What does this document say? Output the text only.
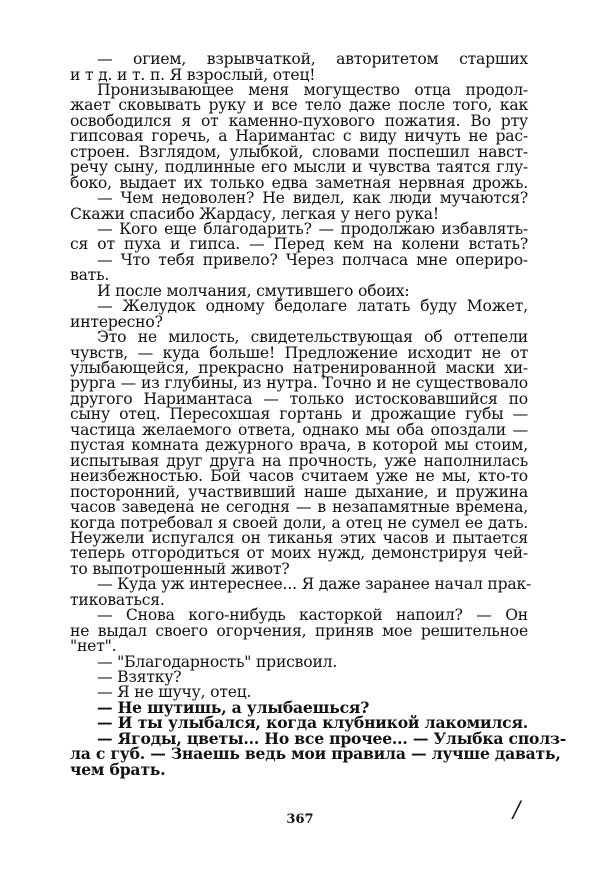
— огием, взрывчаткой, авторитетом старших
и т д. и т. п. Я взрослый, отец!
Пронизывающее меня могущество отца продол-
жает сковывать руку и все тело даже после того, как
освободился я от каменно-пухового пожатия. Во рту
гипсовая горечь, а Наримантас с виду ничуть не рас-
строен. Взглядом, улыбкой, словами поспешил навст-
речу сыну, подлинные его мысли и чувства таятся глу-
боко, выдает их только едва заметная нервная дрожь.
— Чем недоволен? Не видел, как люди мучаются?
Скажи спасибо Жардасу, легкая у него рука!
— Кого еще благодарить? — продолжаю избавлять-
ся от пуха и гипса. — Перед кем на колени встать?
— Что тебя привело? Через полчаса мне опериро-
вать.
И после молчания, смутившего обоих:
— Желудок одному бедолаге латать буду Может,
интересно?
Это не милость, свидетельствующая об оттепели
чувств, — куда больше! Предложение исходит не от
улыбающейся, прекрасно натренированной маски хи-
рурга — из глубины, из нутра. Точно и не существовало
другого Наримантаса — только истосковавшийся по
сыну отец. Пересохшая гортань и дрожащие губы —
частица желаемого ответа, однако мы оба опоздали —
пустая комната дежурного врача, в которой мы стоим,
испытывая друг друга на прочность, уже наполнилась
неизбежностью. Бой часов считаем уже не мы, кто-то
посторонний, участвивший наше дыхание, и пружина
часов заведена не сегодня — в незапамятные времена,
когда потребовал я своей доли, а отец не сумел ее дать.
Неужели испугался он тиканья этих часов и пытается
теперь отгородиться от моих нужд, демонстрируя чей-
то выпотрошенный живот?
— Куда уж интереснее... Я даже заранее начал прак-
тиковаться.
— Снова кого-нибудь касторкой напоил? — Он
не выдал своего огорчения, приняв мое решительное
"нет".
— "Благодарность" присвоил.
— Взятку?
— Я не шучу, отец.
— Не шутишь, а улыбаешься?
— И ты улыбался, когда клубникой лакомился.
— Ягоды, цветы... Но все прочее... — Улыбка сполз-
ла с губ. — Знаешь ведь мои правила — лучше давать,
чем брать.
367	/
